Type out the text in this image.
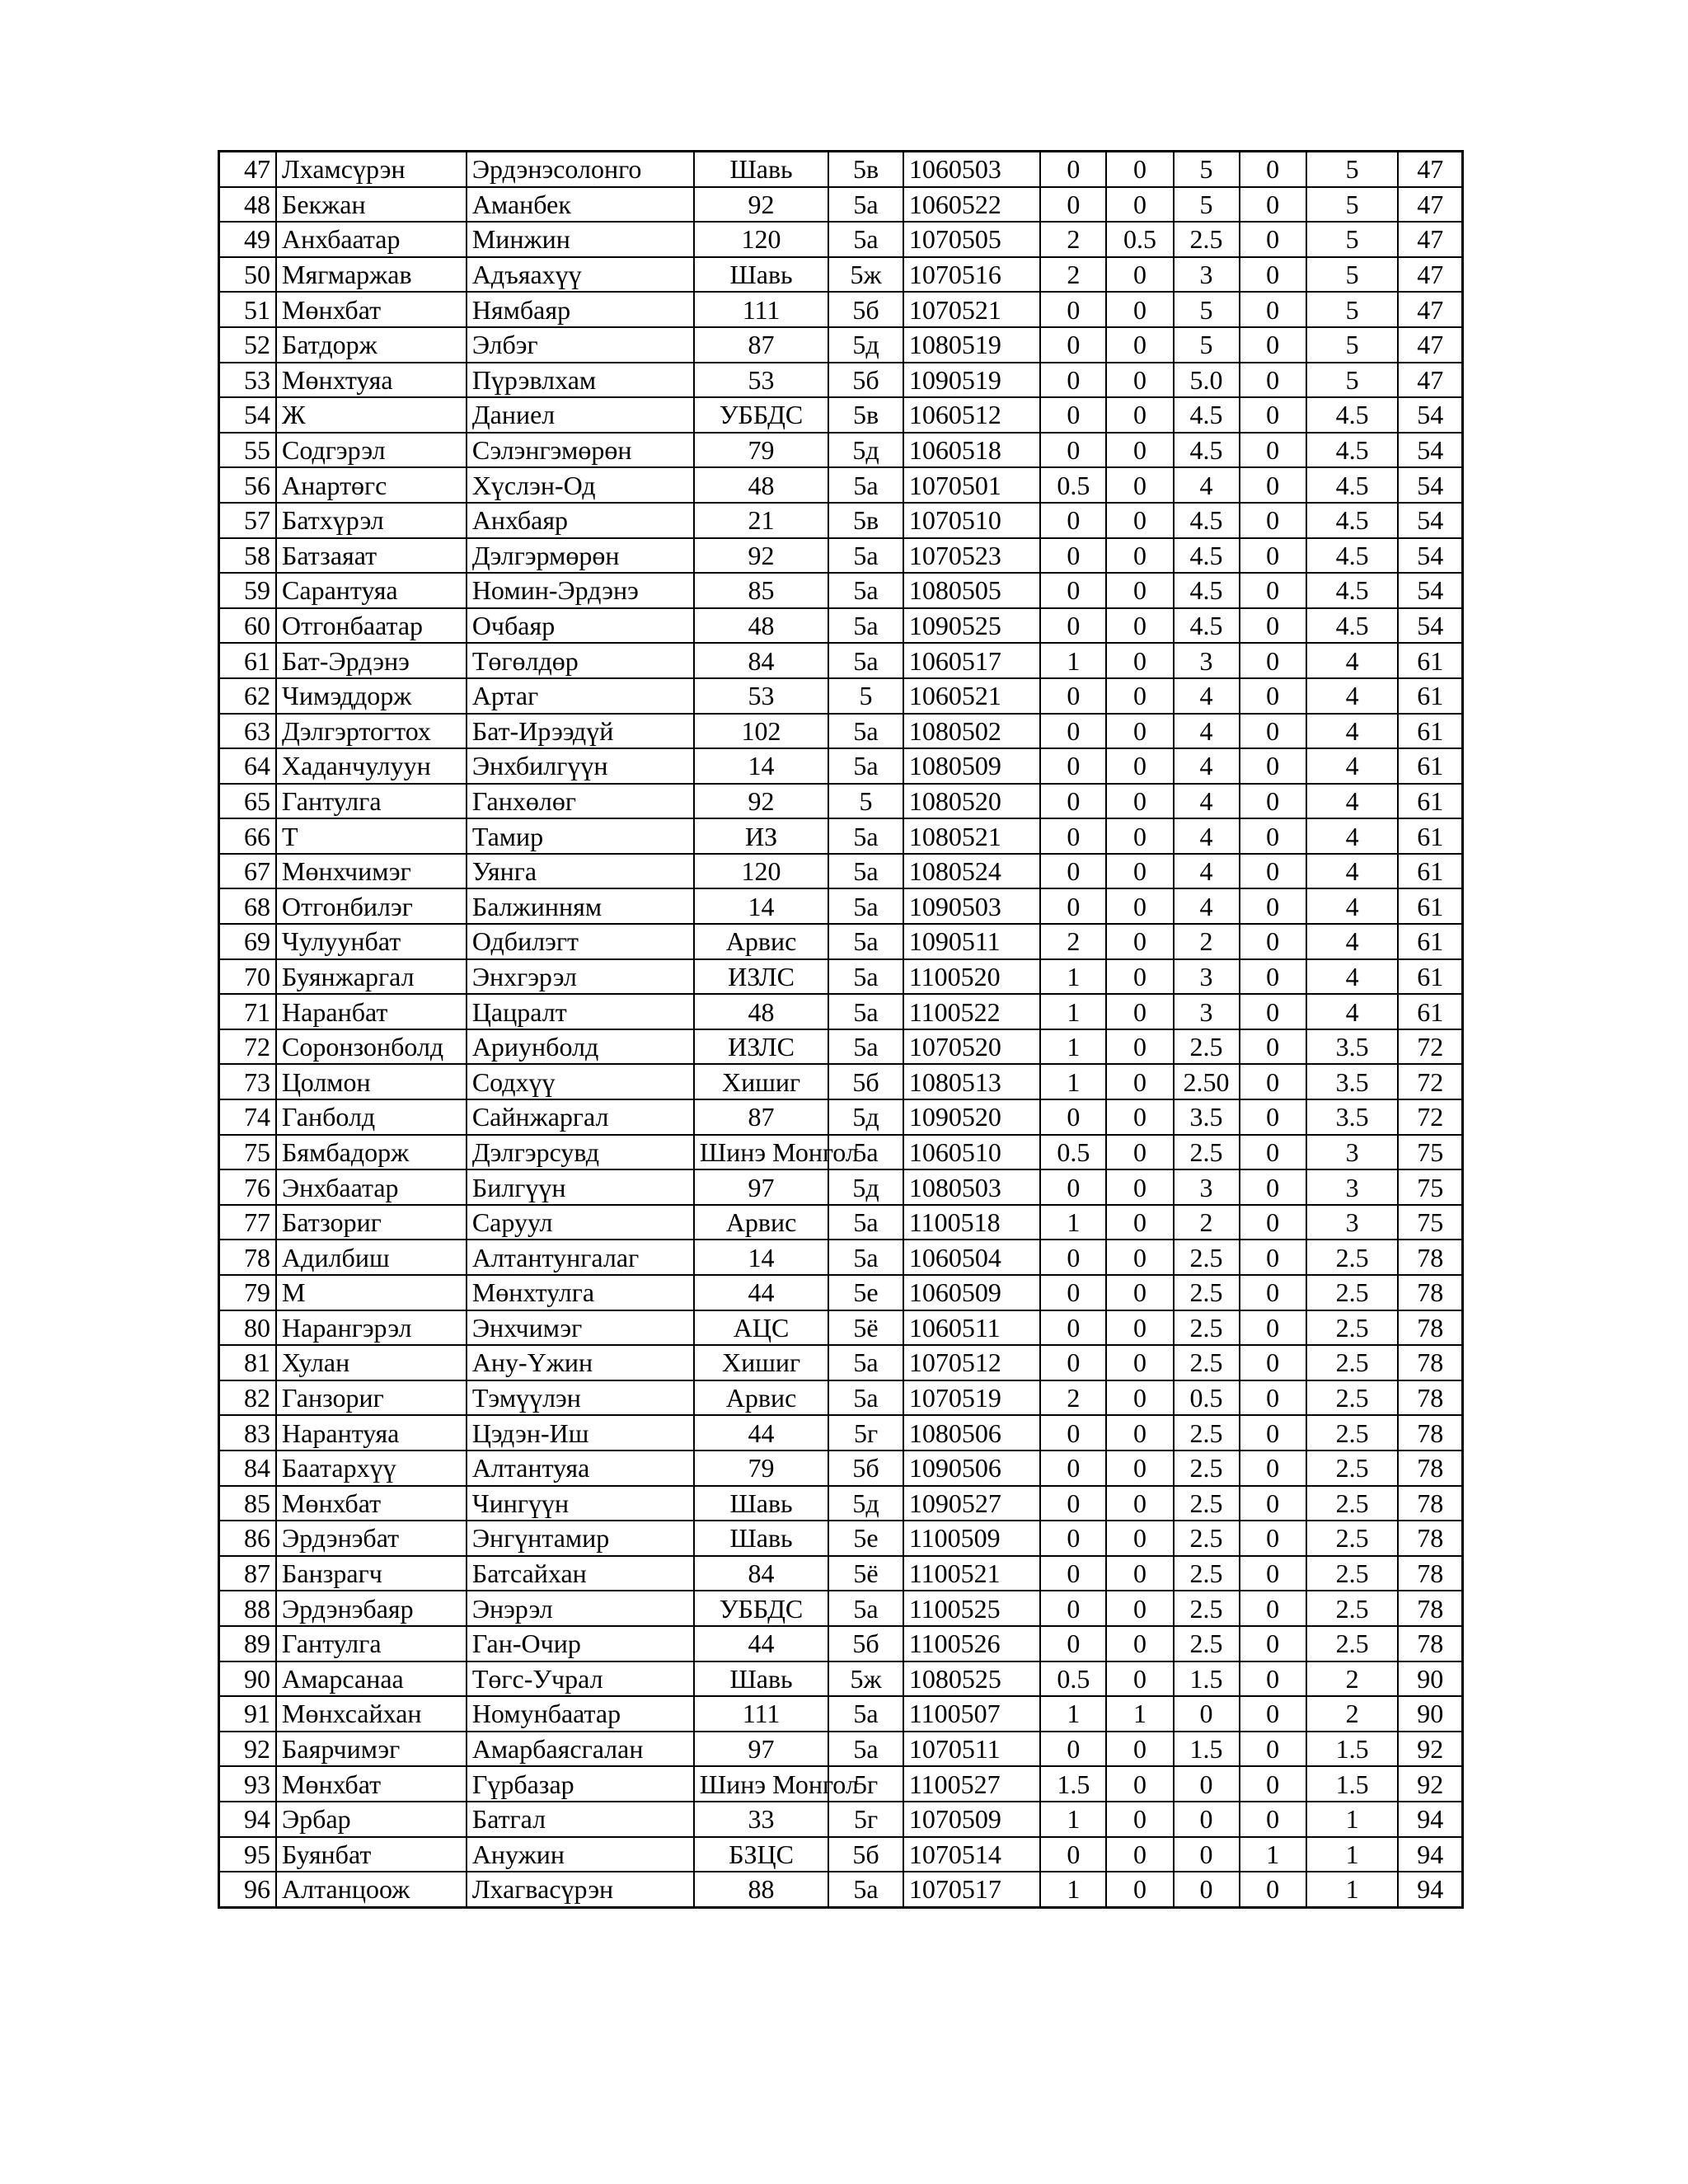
47	Лхамсүрэн	Эрдэнэсолонго	Шавь	5в	1060503	0	0	5	0	5	47
48	Бекжан	Аманбек	92	5а	1060522	0	0	5	0	5	47
49	Анхбаатар	Минжин	120	5а	1070505	2	0.5	2.5	0	5	47
50	Мягмаржав	Адъяахүү	Шавь	5ж	1070516	2	0	3	0	5	47
51	Мөнхбат	Нямбаяр	111	5б	1070521	0	0	5	0	5	47
52	Батдорж	Элбэг	87	5д	1080519	0	0	5	0	5	47
53	Мөнхтуяа	Пүрэвлхам	53	5б	1090519	0	0	5.0	0	5	47
54	Ж	Даниел	УББДС	5в	1060512	0	0	4.5	0	4.5	54
55	Содгэрэл	Сэлэнгэмөрөн	79	5д	1060518	0	0	4.5	0	4.5	54
56	Анартөгс	Хүслэн-Од	48	5а	1070501	0.5	0	4	0	4.5	54
57	Батхүрэл	Анхбаяр	21	5в	1070510	0	0	4.5	0	4.5	54
58	Батзаяат	Дэлгэрмөрөн	92	5а	1070523	0	0	4.5	0	4.5	54
59	Сарантуяа	Номин-Эрдэнэ	85	5а	1080505	0	0	4.5	0	4.5	54
60	Отгонбаатар	Очбаяр	48	5а	1090525	0	0	4.5	0	4.5	54
61	Бат-Эрдэнэ	Төгөлдөр	84	5а	1060517	1	0	3	0	4	61
62	Чимэддорж	Артаг	53	5	1060521	0	0	4	0	4	61
63	Дэлгэртогтох	Бат-Ирээдүй	102	5а	1080502	0	0	4	0	4	61
64	Хаданчулуун	Энхбилгүүн	14	5а	1080509	0	0	4	0	4	61
65	Гантулга	Ганхөлөг	92	5	1080520	0	0	4	0	4	61
66	Т	Тамир	ИЗ	5а	1080521	0	0	4	0	4	61
67	Мөнхчимэг	Уянга	120	5а	1080524	0	0	4	0	4	61
68	Отгонбилэг	Балжинням	14	5а	1090503	0	0	4	0	4	61
69	Чулуунбат	Одбилэгт	Арвис	5а	1090511	2	0	2	0	4	61
70	Буянжаргал	Энхгэрэл	ИЗЛС	5а	1100520	1	0	3	0	4	61
71	Наранбат	Цацралт	48	5а	1100522	1	0	3	0	4	61
72	Соронзонболд	Ариунболд	ИЗЛС	5а	1070520	1	0	2.5	0	3.5	72
73	Цолмон	Содхүү	Хишиг	5б	1080513	1	0	2.50	0	3.5	72
74	Ганболд	Сайнжаргал	87	5д	1090520	0	0	3.5	0	3.5	72
75	Бямбадорж	Дэлгэрсувд	Шинэ Монгол	5а	1060510	0.5	0	2.5	0	3	75
76	Энхбаатар	Билгүүн	97	5д	1080503	0	0	3	0	3	75
77	Батзориг	Саруул	Арвис	5а	1100518	1	0	2	0	3	75
78	Адилбиш	Алтантунгалаг	14	5а	1060504	0	0	2.5	0	2.5	78
79	М	Мөнхтулга	44	5е	1060509	0	0	2.5	0	2.5	78
80	Нарангэрэл	Энхчимэг	АЦС	5ё	1060511	0	0	2.5	0	2.5	78
81	Хулан	Ану-Үжин	Хишиг	5а	1070512	0	0	2.5	0	2.5	78
82	Ганзориг	Тэмүүлэн	Арвис	5а	1070519	2	0	0.5	0	2.5	78
83	Нарантуяа	Цэдэн-Иш	44	5г	1080506	0	0	2.5	0	2.5	78
84	Баатархүү	Алтантуяа	79	5б	1090506	0	0	2.5	0	2.5	78
85	Мөнхбат	Чингүүн	Шавь	5д	1090527	0	0	2.5	0	2.5	78
86	Эрдэнэбат	Энгүнтамир	Шавь	5е	1100509	0	0	2.5	0	2.5	78
87	Банзрагч	Батсайхан	84	5ё	1100521	0	0	2.5	0	2.5	78
88	Эрдэнэбаяр	Энэрэл	УББДС	5а	1100525	0	0	2.5	0	2.5	78
89	Гантулга	Ган-Очир	44	5б	1100526	0	0	2.5	0	2.5	78
90	Амарсанаа	Төгс-Учрал	Шавь	5ж	1080525	0.5	0	1.5	0	2	90
91	Мөнхсайхан	Номунбаатар	111	5а	1100507	1	1	0	0	2	90
92	Баярчимэг	Амарбаясгалан	97	5а	1070511	0	0	1.5	0	1.5	92
93	Мөнхбат	Гүрбазар	Шинэ Монгол	5г	1100527	1.5	0	0	0	1.5	92
94	Эрбар	Батгал	33	5г	1070509	1	0	0	0	1	94
95	Буянбат	Анужин	БЗЦС	5б	1070514	0	0	0	1	1	94
96	Алтанцоож	Лхагвасүрэн	88	5а	1070517	1	0	0	0	1	94
